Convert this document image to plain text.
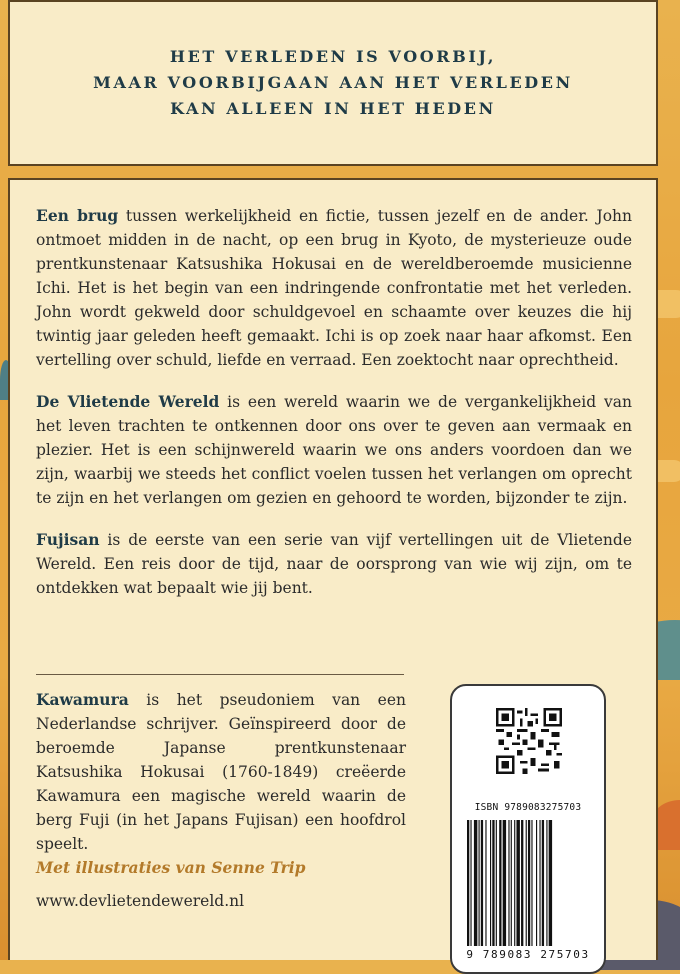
HET VERLEDEN IS VOORBIJ,
MAAR VOORBIJGAAN AAN HET VERLEDEN
KAN ALLEEN IN HET HEDEN

Een brug tussen werkelijkheid en fictie, tussen jezelf en de ander. John ontmoet midden in de nacht, op een brug in Kyoto, de mysterieuze oude prentkunstenaar Katsushika Hokusai en de wereldberoemde musicienne Ichi. Het is het begin van een indringende confrontatie met het verleden. John wordt gekweld door schuldgevoel en schaamte over keuzes die hij twintig jaar geleden heeft gemaakt. Ichi is op zoek naar haar afkomst. Een vertelling over schuld, liefde en verraad. Een zoektocht naar oprechtheid.

De Vlietende Wereld is een wereld waarin we de vergankelijkheid van het leven trachten te ontkennen door ons over te geven aan vermaak en plezier. Het is een schijnwereld waarin we ons anders voordoen dan we zijn, waarbij we steeds het conflict voelen tussen het verlangen om oprecht te zijn en het verlangen om gezien en gehoord te worden, bijzonder te zijn.

Fujisan is de eerste van een serie van vijf vertellingen uit de Vlietende Wereld. Een reis door de tijd, naar de oorsprong van wie wij zijn, om te ontdekken wat bepaalt wie jij bent.

Kawamura is het pseudoniem van een Nederlandse schrijver. Geïnspireerd door de beroemde Japanse prentkunstenaar Katsushika Hokusai (1760-1849) creëerde Kawamura een magische wereld waarin de berg Fuji (in het Japans Fujisan) een hoofdrol speelt.
Met illustraties van Senne Trip
www.devlietendewereld.nl
ISBN 9789083275703
9 789083 275703
